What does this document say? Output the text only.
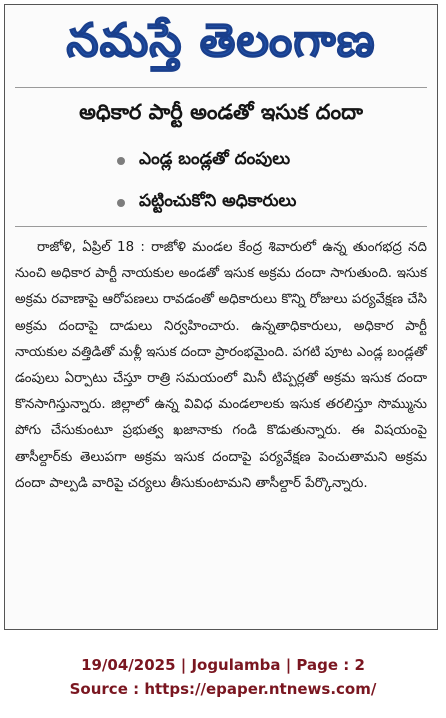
నమస్తే తెలంగాణ
అధికార పార్టీ అండతో ఇసుక దందా
ఎండ్ల బండ్లతో దంపులు
పట్టించుకోని అధికారులు
రాజోళి, ఏప్రిల్ 18 : రాజోళి మండల కేంద్ర శివారులో ఉన్న తుంగభద్ర నది నుంచి అధికార పార్టీ నాయకుల అండతో ఇసుక అక్రమ దందా సాగుతుంది. ఇసుక అక్రమ రవాణాపై ఆరోపణలు రావడంతో అధికారులు కొన్ని రోజులు పర్యవేక్షణ చేసి అక్రమ దందాపై దాడులు నిర్వహించారు. ఉన్నతాధికారులు, అధికార పార్టీ నాయకుల వత్తిడితో మళ్లీ ఇసుక దందా ప్రారంభమైంది. పగటి పూట ఎండ్ల బండ్లతో డంపులు ఏర్పాటు చేస్తూ రాత్రి సమయంలో మినీ టిప్పర్లతో అక్రమ ఇసుక దందా కొనసాగిస్తున్నారు. జిల్లాలో ఉన్న వివిధ మండలాలకు ఇసుక తరలిస్తూ సొమ్మును పోగు చేసుకుంటూ ప్రభుత్వ ఖజానాకు గండి కొడుతున్నారు. ఈ విషయంపై తాసీల్దార్‌కు తెలుపగా అక్రమ ఇసుక దందాపై పర్యవేక్షణ పెంచుతామని అక్రమ దందా పాల్పడి వారిపై చర్యలు తీసుకుంటామని తాసీల్దార్ పేర్కొన్నారు.
19/04/2025 | Jogulamba | Page : 2
Source : https://epaper.ntnews.com/
